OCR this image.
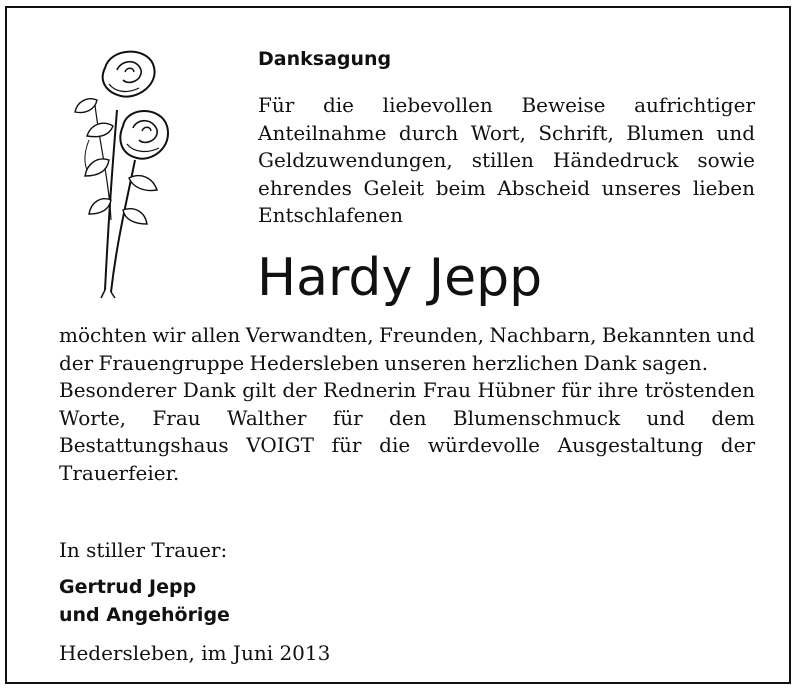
Danksagung

Für die liebevollen Beweise aufrichtiger Anteilnahme durch Wort, Schrift, Blumen und Geldzuwendungen, stillen Händedruck sowie ehrendes Geleit beim Abscheid unseres lieben Entschlafenen

Hardy Jepp

möchten wir allen Verwandten, Freunden, Nachbarn, Bekannten und der Frauengruppe Hedersleben unseren herzlichen Dank sagen.

Besonderer Dank gilt der Rednerin Frau Hübner für ihre tröstenden Worte, Frau Walther für den Blumenschmuck und dem Bestattungshaus VOIGT für die würdevolle Ausgestaltung der Trauerfeier.

In stiller Trauer:

Gertrud Jepp
und Angehörige

Hedersleben, im Juni 2013
